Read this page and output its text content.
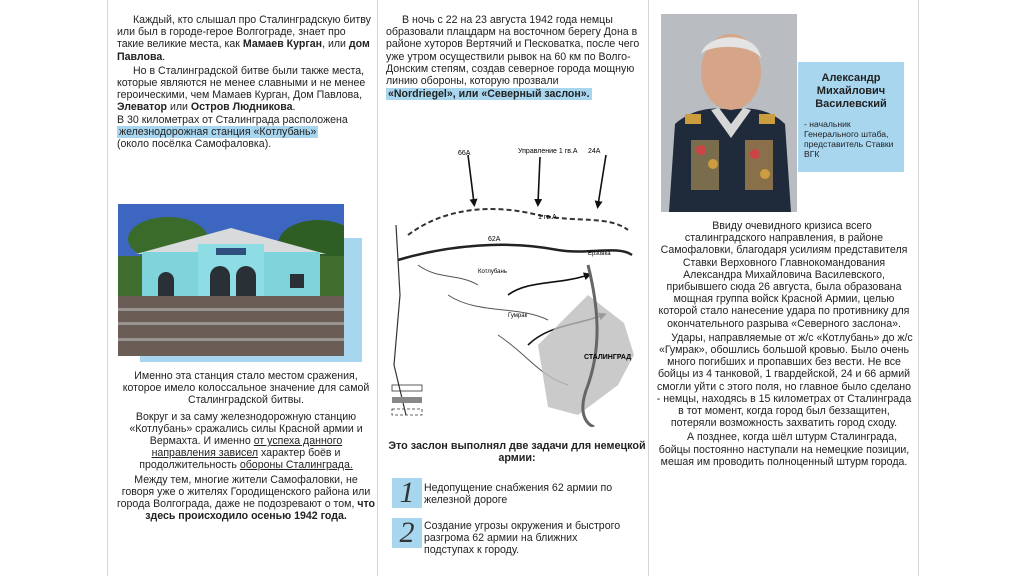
Каждый, кто слышал про Сталинградскую битву или был в городе-герое Волгограде, знает про такие великие места, как Мамаев Курган, или дом Павлова.

Но в Сталинградской битве были также места, которые являются не менее славными и не менее героическими, чем Мамаев Курган, Дом Павлова, Элеватор или Остров Людникова.

В 30 километрах от Сталинграда расположена
железнодорожная станция «Котлубань»
(около посёлка Самофаловка).

Именно эта станция стало местом сражения, которое имело колоссальное значение для самой Сталинградской битвы.

Вокруг и за саму железнодорожную станцию «Котлубань» сражались силы Красной армии и Вермахта. И именно от успеха данного направления зависел характер боёв и продолжительность обороны Сталинграда.

Между тем, многие жители Самофаловки, не говоря уже о жителях Городищенского района или города Волгограда, даже не подозревают о том, что здесь происходило осенью 1942 года.

В ночь с 22 на 23 августа 1942 года немцы образовали плацдарм на восточном берегу Дона в районе хуторов Вертячий и Песковатка, после чего уже утром осуществили рывок на 60 км по Волго-Донским степям, создав северное города мощную линию обороны, которую прозвали

«Nordriegel», или «Северный заслон».

Управление 1 гв.А
66А	24А
1 гв.А
62А
Котлубань
Гумрак
Ерзовка
СТАЛИНГРАД

Это заслон выполнял две задачи для немецкой армии:

1 Недопущение снабжения 62 армии по железной дороге

2 Создание угрозы окружения и быстрого разгрома 62 армии на ближних подступах к городу.

Александр Михайлович Василевский

- начальник Генерального штаба, представитель Ставки ВГК

Ввиду очевидного кризиса всего сталинградского направления, в районе Самофаловки, благодаря усилиям представителя Ставки Верховного Главнокомандования Александра Михайловича Василевского, прибывшего сюда 26 августа, была образована мощная группа войск Красной Армии, целью которой стало нанесение удара по противнику для окончательного разрыва «Северного заслона».

Удары, направляемые от ж/с «Котлубань» до ж/с «Гумрак», обошлись большой кровью. Было очень много погибших и пропавших без вести. Не все бойцы из 4 танковой, 1 гвардейской, 24 и 66 армий смогли уйти с этого поля, но главное было сделано - немцы, находясь в 15 километрах от Сталинграда в тот момент, когда город был беззащитен, потеряли возможность захватить город сходу.

А позднее, когда шёл штурм Сталинграда, бойцы постоянно наступали на немецкие позиции, мешая им проводить полноценный штурм города.
